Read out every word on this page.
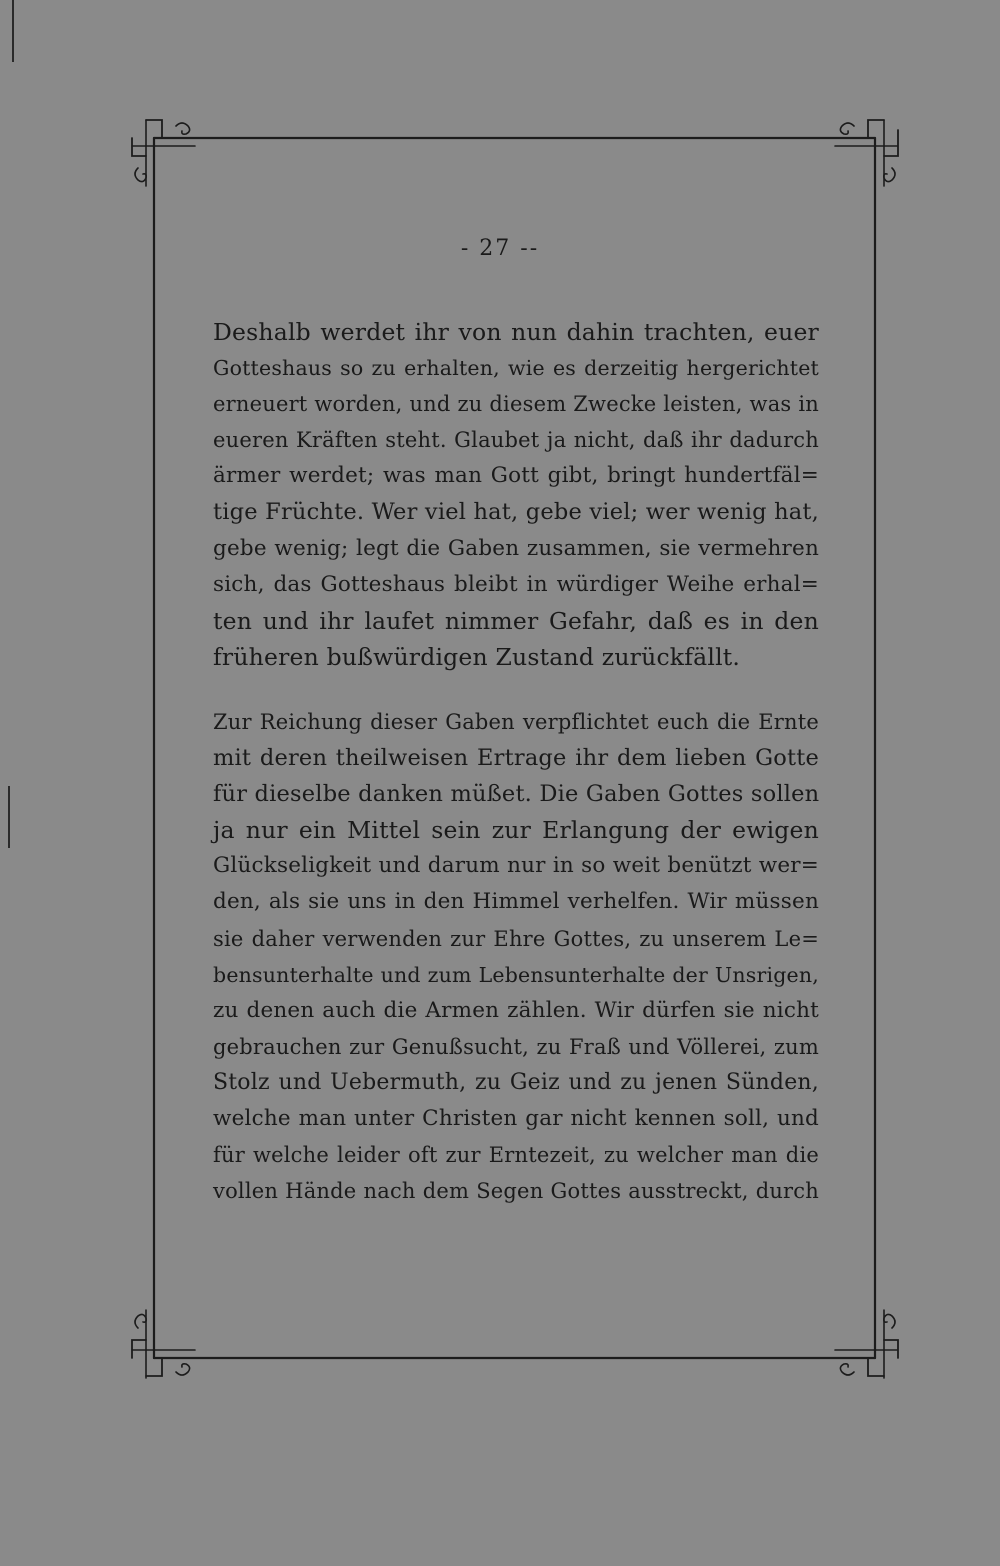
- 27 --
Deshalb werdet ihr von nun dahin trachten, euer
Gotteshaus so zu erhalten, wie es derzeitig hergerichtet
erneuert worden, und zu diesem Zwecke leisten, was in
eueren Kräften steht. Glaubet ja nicht, daß ihr dadurch
ärmer werdet; was man Gott gibt, bringt hundertfäl=
tige Früchte. Wer viel hat, gebe viel; wer wenig hat,
gebe wenig; legt die Gaben zusammen, sie vermehren
sich, das Gotteshaus bleibt in würdiger Weihe erhal=
ten und ihr laufet nimmer Gefahr, daß es in den
früheren bußwürdigen Zustand zurückfällt.
Zur Reichung dieser Gaben verpflichtet euch die Ernte
mit deren theilweisen Ertrage ihr dem lieben Gotte
für dieselbe danken müßet. Die Gaben Gottes sollen
ja nur ein Mittel sein zur Erlangung der ewigen
Glückseligkeit und darum nur in so weit benützt wer=
den, als sie uns in den Himmel verhelfen. Wir müssen
sie daher verwenden zur Ehre Gottes, zu unserem Le=
bensunterhalte und zum Lebensunterhalte der Unsrigen,
zu denen auch die Armen zählen. Wir dürfen sie nicht
gebrauchen zur Genußsucht, zu Fraß und Völlerei, zum
Stolz und Uebermuth, zu Geiz und zu jenen Sünden,
welche man unter Christen gar nicht kennen soll, und
für welche leider oft zur Erntezeit, zu welcher man die
vollen Hände nach dem Segen Gottes ausstreckt, durch
